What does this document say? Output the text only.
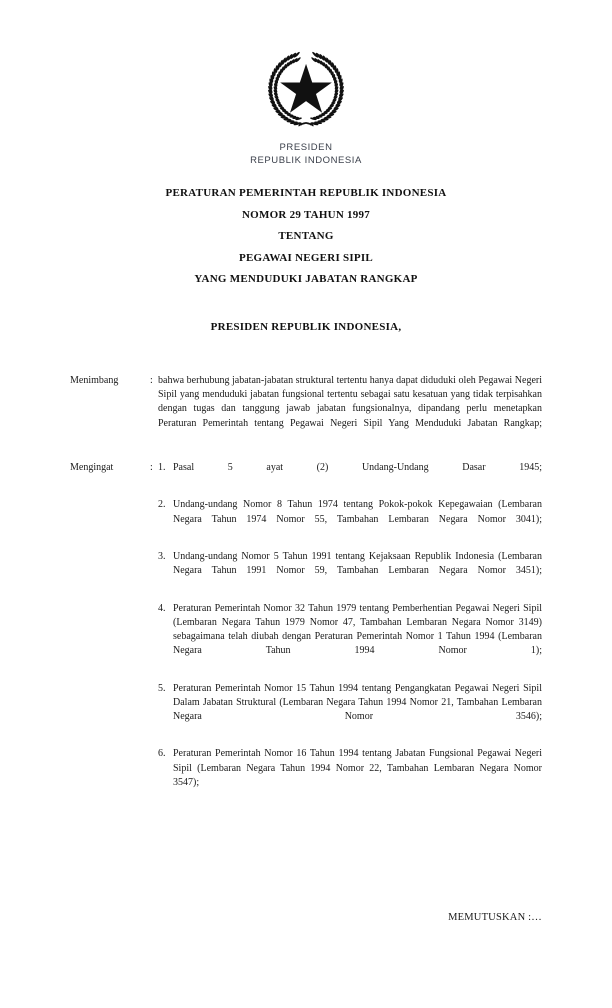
PRESIDEN
REPUBLIK INDONESIA
PERATURAN PEMERINTAH REPUBLIK INDONESIA
NOMOR 29 TAHUN 1997
TENTANG
PEGAWAI NEGERI SIPIL
YANG MENDUDUKI JABATAN RANGKAP
PRESIDEN REPUBLIK INDONESIA,
Menimbang	: bahwa berhubung jabatan-jabatan struktural tertentu hanya dapat diduduki oleh Pegawai Negeri Sipil yang menduduki jabatan fungsional tertentu sebagai satu kesatuan yang tidak terpisahkan dengan tugas dan tanggung jawab jabatan fungsionalnya, dipandang perlu menetapkan Peraturan Pemerintah tentang Pegawai Negeri Sipil Yang Menduduki Jabatan Rangkap;

Mengingat	: 1. Pasal 5 ayat (2) Undang-Undang Dasar 1945;
2. Undang-undang Nomor 8 Tahun 1974 tentang Pokok-pokok Kepegawaian (Lembaran Negara Tahun 1974 Nomor 55, Tambahan Lembaran Negara Nomor 3041);
3. Undang-undang Nomor 5 Tahun 1991 tentang Kejaksaan Republik Indonesia (Lembaran Negara Tahun 1991 Nomor 59, Tambahan Lembaran Negara Nomor 3451);
4. Peraturan Pemerintah Nomor 32 Tahun 1979 tentang Pemberhentian Pegawai Negeri Sipil (Lembaran Negara Tahun 1979 Nomor 47, Tambahan Lembaran Negara Nomor 3149) sebagaimana telah diubah dengan Peraturan Pemerintah Nomor 1 Tahun 1994 (Lembaran Negara Tahun 1994 Nomor 1);
5. Peraturan Pemerintah Nomor 15 Tahun 1994 tentang Pengangkatan Pegawai Negeri Sipil Dalam Jabatan Struktural (Lembaran Negara Tahun 1994 Nomor 21, Tambahan Lembaran Negara Nomor 3546);
6. Peraturan Pemerintah Nomor 16 Tahun 1994 tentang Jabatan Fungsional Pegawai Negeri Sipil (Lembaran Negara Tahun 1994 Nomor 22, Tambahan Lembaran Negara Nomor 3547);
MEMUTUSKAN :…
